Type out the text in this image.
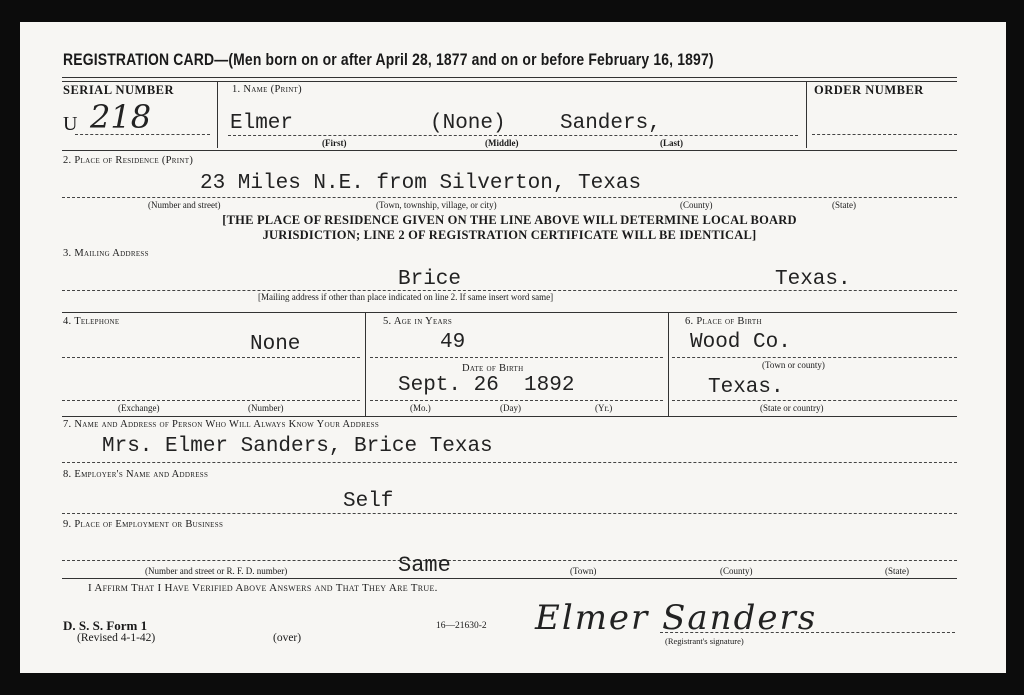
REGISTRATION CARD—(Men born on or after April 28, 1877 and on or before February 16, 1897)
SERIAL NUMBER
U 218
1. Name (Print)
Elmer	(None)	Sanders,
(First)	(Middle)	(Last)
ORDER NUMBER
2. Place of Residence (Print)
23 Miles N.E. from Silverton, Texas
(Number and street)	(Town, township, village, or city)	(County)	(State)
[THE PLACE OF RESIDENCE GIVEN ON THE LINE ABOVE WILL DETERMINE LOCAL BOARD
JURISDICTION; LINE 2 OF REGISTRATION CERTIFICATE WILL BE IDENTICAL]
3. Mailing Address
Brice	Texas.
[Mailing address if other than place indicated on line 2. If same insert word same]
4. Telephone
None
(Exchange)	(Number)
5. Age in Years
49
Date of Birth
Sept. 26  1892
(Mo.)	(Day)	(Yr.)
6. Place of Birth
Wood Co.
(Town or county)
Texas.
(State or country)
7. Name and Address of Person Who Will Always Know Your Address
Mrs. Elmer Sanders, Brice Texas
8. Employer's Name and Address
Self
9. Place of Employment or Business
Same
(Number and street or R. F. D. number)	(Town)	(County)	(State)
I Affirm That I Have Verified Above Answers and That They Are True.
D. S. S. Form 1
(Revised 4-1-42)	(over)
16—21630-2 Elmer Sanders
(Registrant's signature)
